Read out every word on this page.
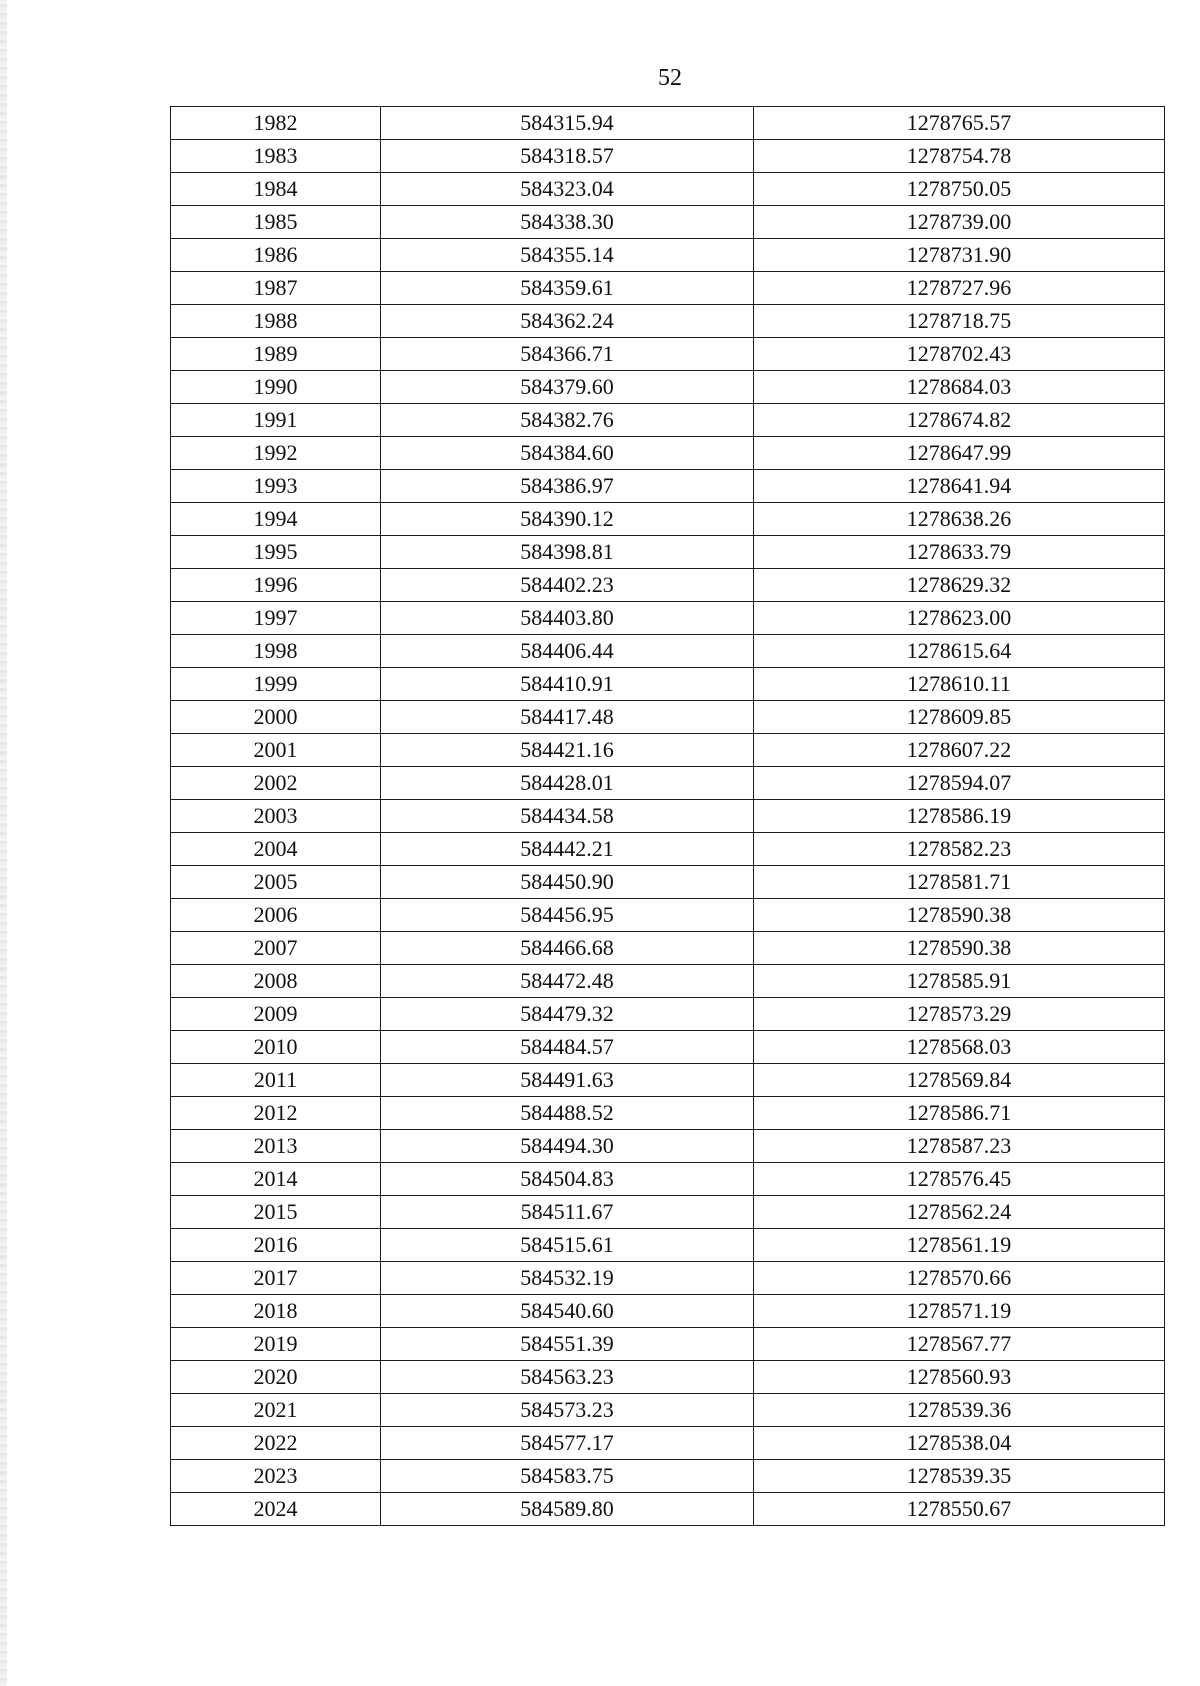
52
1982	584315.94	1278765.57
1983	584318.57	1278754.78
1984	584323.04	1278750.05
1985	584338.30	1278739.00
1986	584355.14	1278731.90
1987	584359.61	1278727.96
1988	584362.24	1278718.75
1989	584366.71	1278702.43
1990	584379.60	1278684.03
1991	584382.76	1278674.82
1992	584384.60	1278647.99
1993	584386.97	1278641.94
1994	584390.12	1278638.26
1995	584398.81	1278633.79
1996	584402.23	1278629.32
1997	584403.80	1278623.00
1998	584406.44	1278615.64
1999	584410.91	1278610.11
2000	584417.48	1278609.85
2001	584421.16	1278607.22
2002	584428.01	1278594.07
2003	584434.58	1278586.19
2004	584442.21	1278582.23
2005	584450.90	1278581.71
2006	584456.95	1278590.38
2007	584466.68	1278590.38
2008	584472.48	1278585.91
2009	584479.32	1278573.29
2010	584484.57	1278568.03
2011	584491.63	1278569.84
2012	584488.52	1278586.71
2013	584494.30	1278587.23
2014	584504.83	1278576.45
2015	584511.67	1278562.24
2016	584515.61	1278561.19
2017	584532.19	1278570.66
2018	584540.60	1278571.19
2019	584551.39	1278567.77
2020	584563.23	1278560.93
2021	584573.23	1278539.36
2022	584577.17	1278538.04
2023	584583.75	1278539.35
2024	584589.80	1278550.67
